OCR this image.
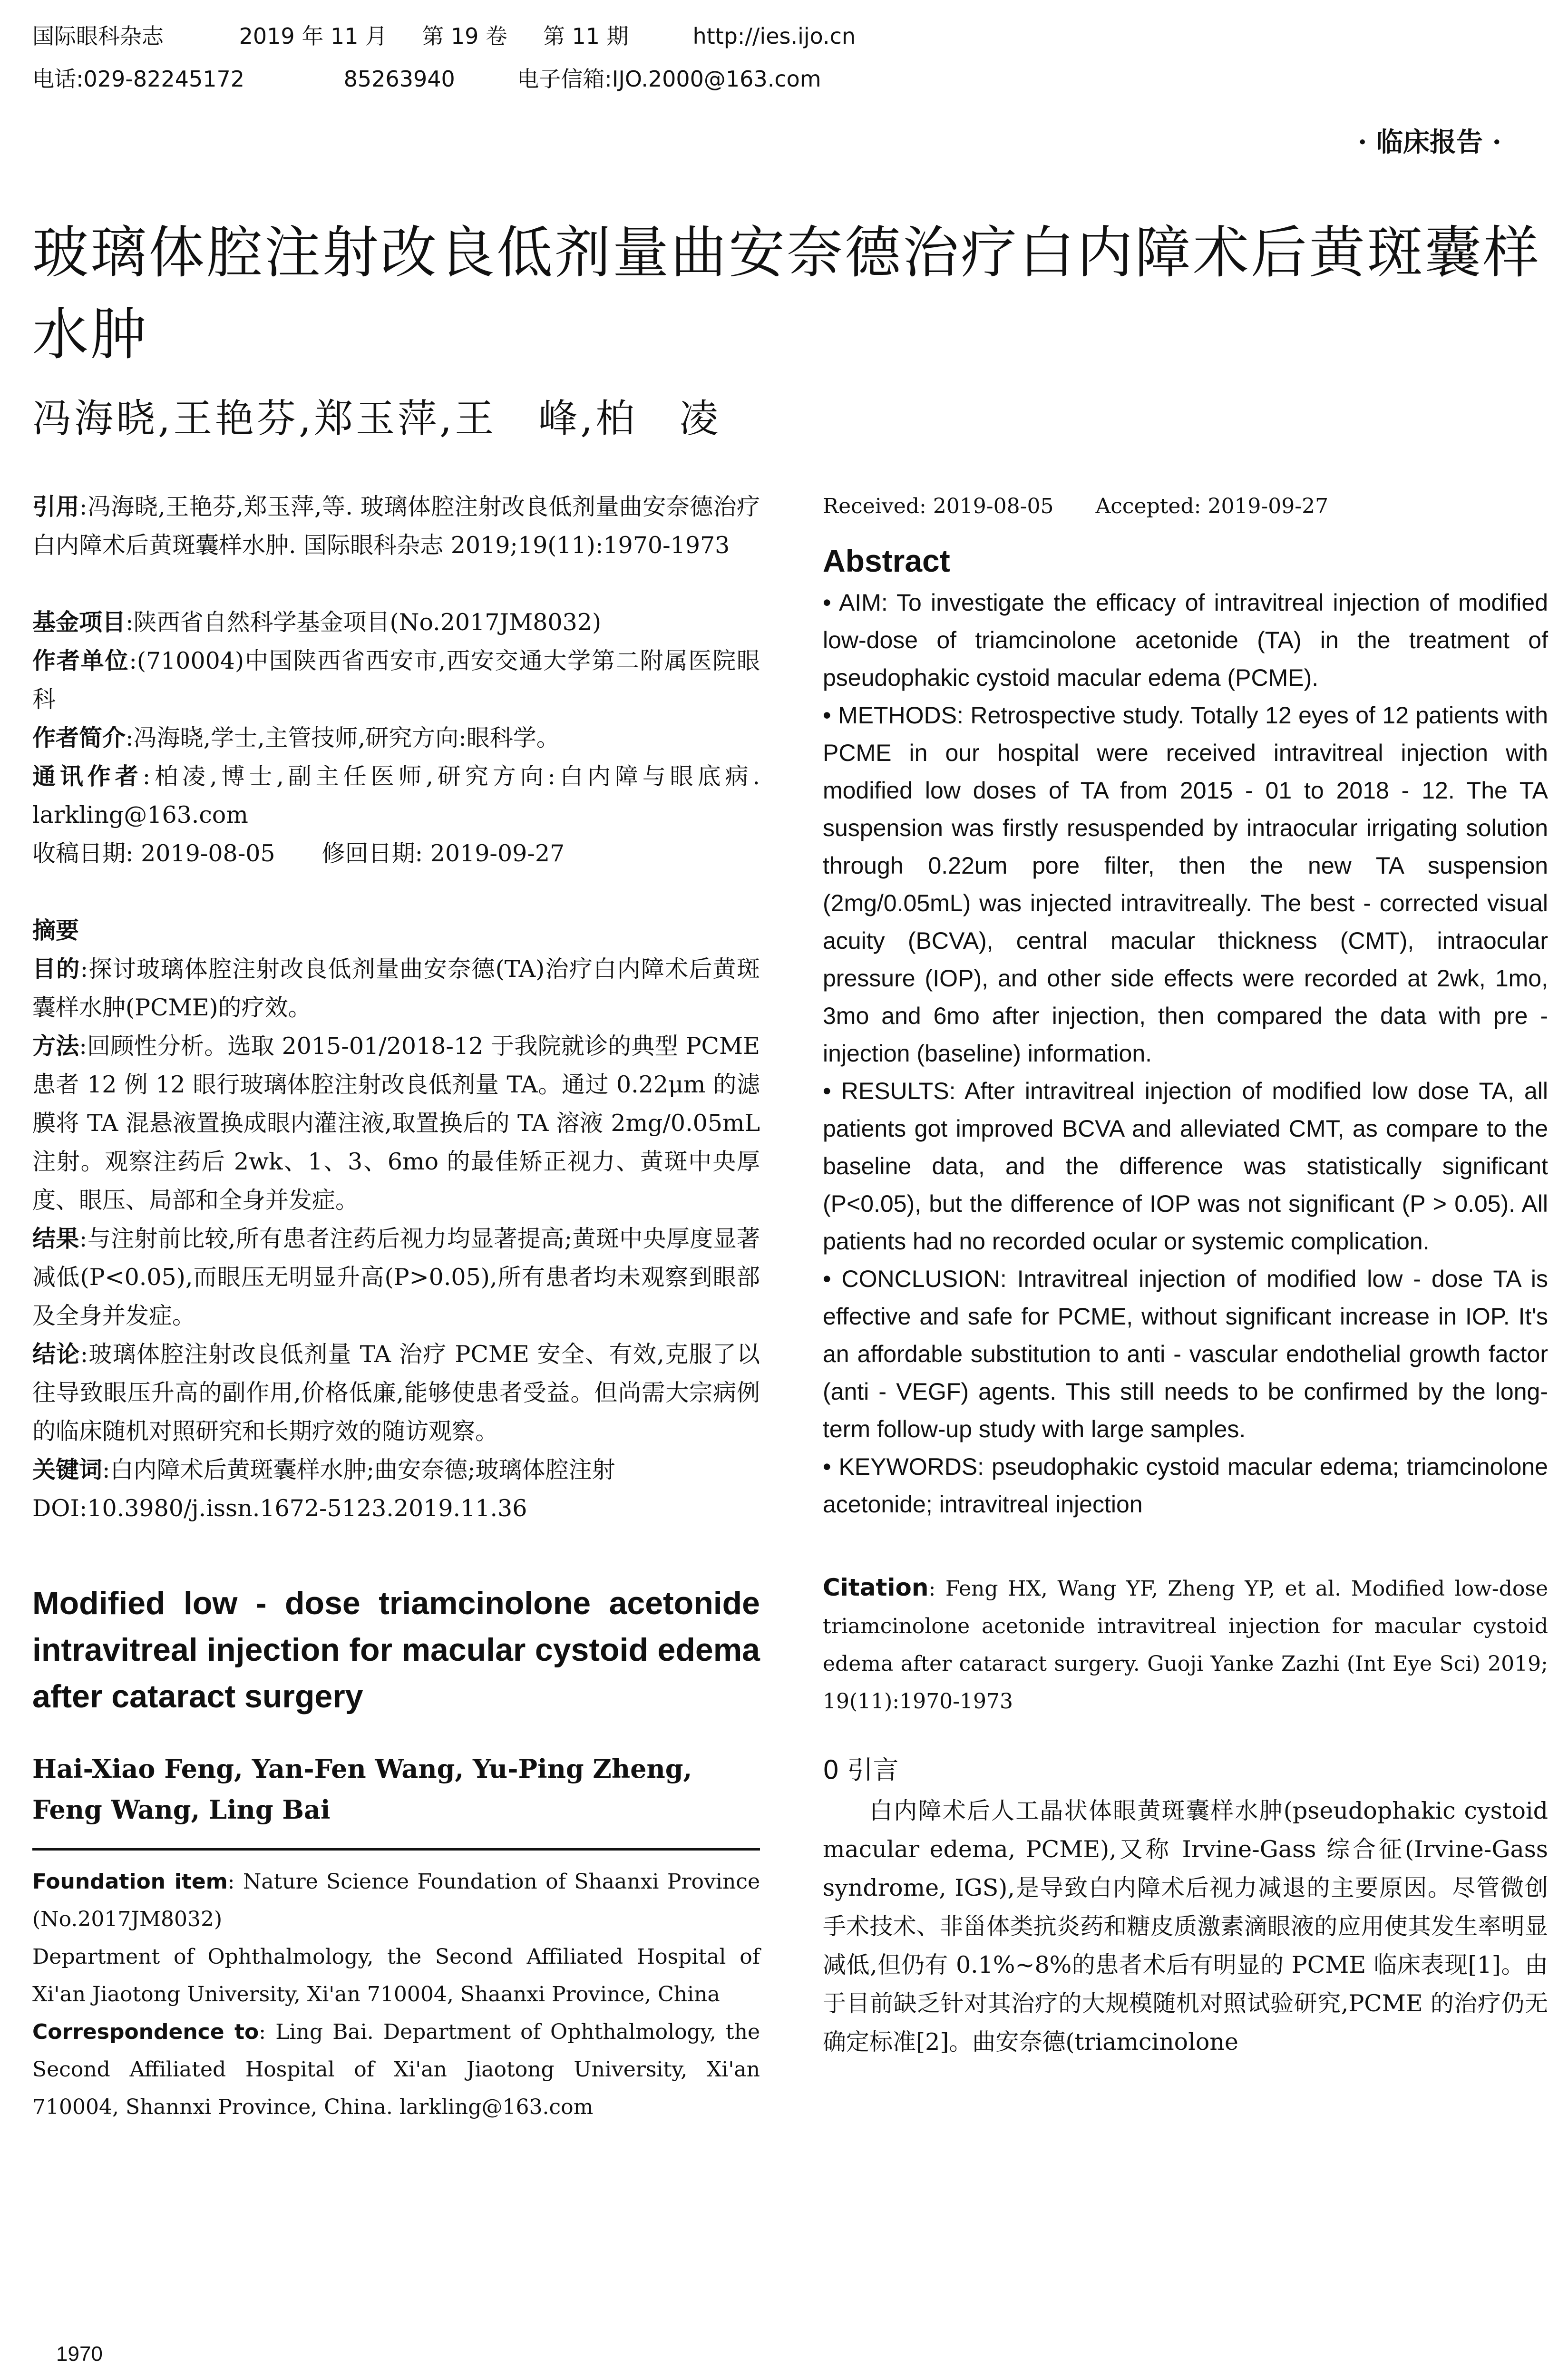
国际眼科杂志	2019 年 11 月 第 19 卷 第 11 期	http://ies.ijo.cn
电话:029-82245172	85263940	电子信箱:IJO.2000@163.com
· 临床报告 ·
玻璃体腔注射改良低剂量曲安奈德治疗白内障术后黄斑囊样水肿
冯海晓,王艳芬,郑玉萍,王　峰,柏　凌

引用:冯海晓,王艳芬,郑玉萍,等. 玻璃体腔注射改良低剂量曲安奈德治疗白内障术后黄斑囊样水肿. 国际眼科杂志 2019;19(11):1970-1973

基金项目:陕西省自然科学基金项目(No.2017JM8032)

作者单位:(710004)中国陕西省西安市,西安交通大学第二附属医院眼科

作者简介:冯海晓,学士,主管技师,研究方向:眼科学。

通讯作者:柏凌,博士,副主任医师,研究方向:白内障与眼底病. larkling@163.com

收稿日期: 2019-08-05　　修回日期: 2019-09-27

摘要

目的:探讨玻璃体腔注射改良低剂量曲安奈德(TA)治疗白内障术后黄斑囊样水肿(PCME)的疗效。

方法:回顾性分析。选取 2015-01/2018-12 于我院就诊的典型 PCME 患者 12 例 12 眼行玻璃体腔注射改良低剂量 TA。通过 0.22μm 的滤膜将 TA 混悬液置换成眼内灌注液,取置换后的 TA 溶液 2mg/0.05mL 注射。观察注药后 2wk、1、3、6mo 的最佳矫正视力、黄斑中央厚度、眼压、局部和全身并发症。

结果:与注射前比较,所有患者注药后视力均显著提高;黄斑中央厚度显著减低(P<0.05),而眼压无明显升高(P>0.05),所有患者均未观察到眼部及全身并发症。

结论:玻璃体腔注射改良低剂量 TA 治疗 PCME 安全、有效,克服了以往导致眼压升高的副作用,价格低廉,能够使患者受益。但尚需大宗病例的临床随机对照研究和长期疗效的随访观察。

关键词:白内障术后黄斑囊样水肿;曲安奈德;玻璃体腔注射

DOI:10.3980/j.issn.1672-5123.2019.11.36

Modified low - dose triamcinolone acetonide intravitreal injection for macular cystoid edema after cataract surgery

Hai-Xiao Feng, Yan-Fen Wang, Yu-Ping Zheng,

Feng Wang, Ling Bai

Foundation item: Nature Science Foundation of Shaanxi Province (No.2017JM8032)

Department of Ophthalmology, the Second Affiliated Hospital of Xi'an Jiaotong University, Xi'an 710004, Shaanxi Province, China

Correspondence to: Ling Bai. Department of Ophthalmology, the Second Affiliated Hospital of Xi'an Jiaotong University, Xi'an 710004, Shannxi Province, China. larkling@163.com

Received: 2019-08-05　　Accepted: 2019-09-27

Abstract

• AIM: To investigate the efficacy of intravitreal injection of modified low-dose of triamcinolone acetonide (TA) in the treatment of pseudophakic cystoid macular edema (PCME).

• METHODS: Retrospective study. Totally 12 eyes of 12 patients with PCME in our hospital were received intravitreal injection with modified low doses of TA from 2015 - 01 to 2018 - 12. The TA suspension was firstly resuspended by intraocular irrigating solution through 0.22um pore filter, then the new TA suspension (2mg/0.05mL) was injected intravitreally. The best - corrected visual acuity (BCVA), central macular thickness (CMT), intraocular pressure (IOP), and other side effects were recorded at 2wk, 1mo, 3mo and 6mo after injection, then compared the data with pre - injection (baseline) information.

• RESULTS: After intravitreal injection of modified low dose TA, all patients got improved BCVA and alleviated CMT, as compare to the baseline data, and the difference was statistically significant (P<0.05), but the difference of IOP was not significant (P > 0.05). All patients had no recorded ocular or systemic complication.

• CONCLUSION: Intravitreal injection of modified low - dose TA is effective and safe for PCME, without significant increase in IOP. It's an affordable substitution to anti - vascular endothelial growth factor (anti - VEGF) agents. This still needs to be confirmed by the long-term follow-up study with large samples.

• KEYWORDS: pseudophakic cystoid macular edema; triamcinolone acetonide; intravitreal injection

Citation: Feng HX, Wang YF, Zheng YP, et al. Modified low-dose triamcinolone acetonide intravitreal injection for macular cystoid edema after cataract surgery. Guoji Yanke Zazhi (Int Eye Sci) 2019; 19(11):1970-1973

0 引言

白内障术后人工晶状体眼黄斑囊样水肿(pseudophakic cystoid macular edema, PCME),又称 Irvine-Gass 综合征(Irvine-Gass syndrome, IGS),是导致白内障术后视力减退的主要原因。尽管微创手术技术、非甾体类抗炎药和糖皮质激素滴眼液的应用使其发生率明显减低,但仍有 0.1%~8%的患者术后有明显的 PCME 临床表现[1]。由于目前缺乏针对其治疗的大规模随机对照试验研究,PCME 的治疗仍无确定标准[2]。曲安奈德(triamcinolone

1970
